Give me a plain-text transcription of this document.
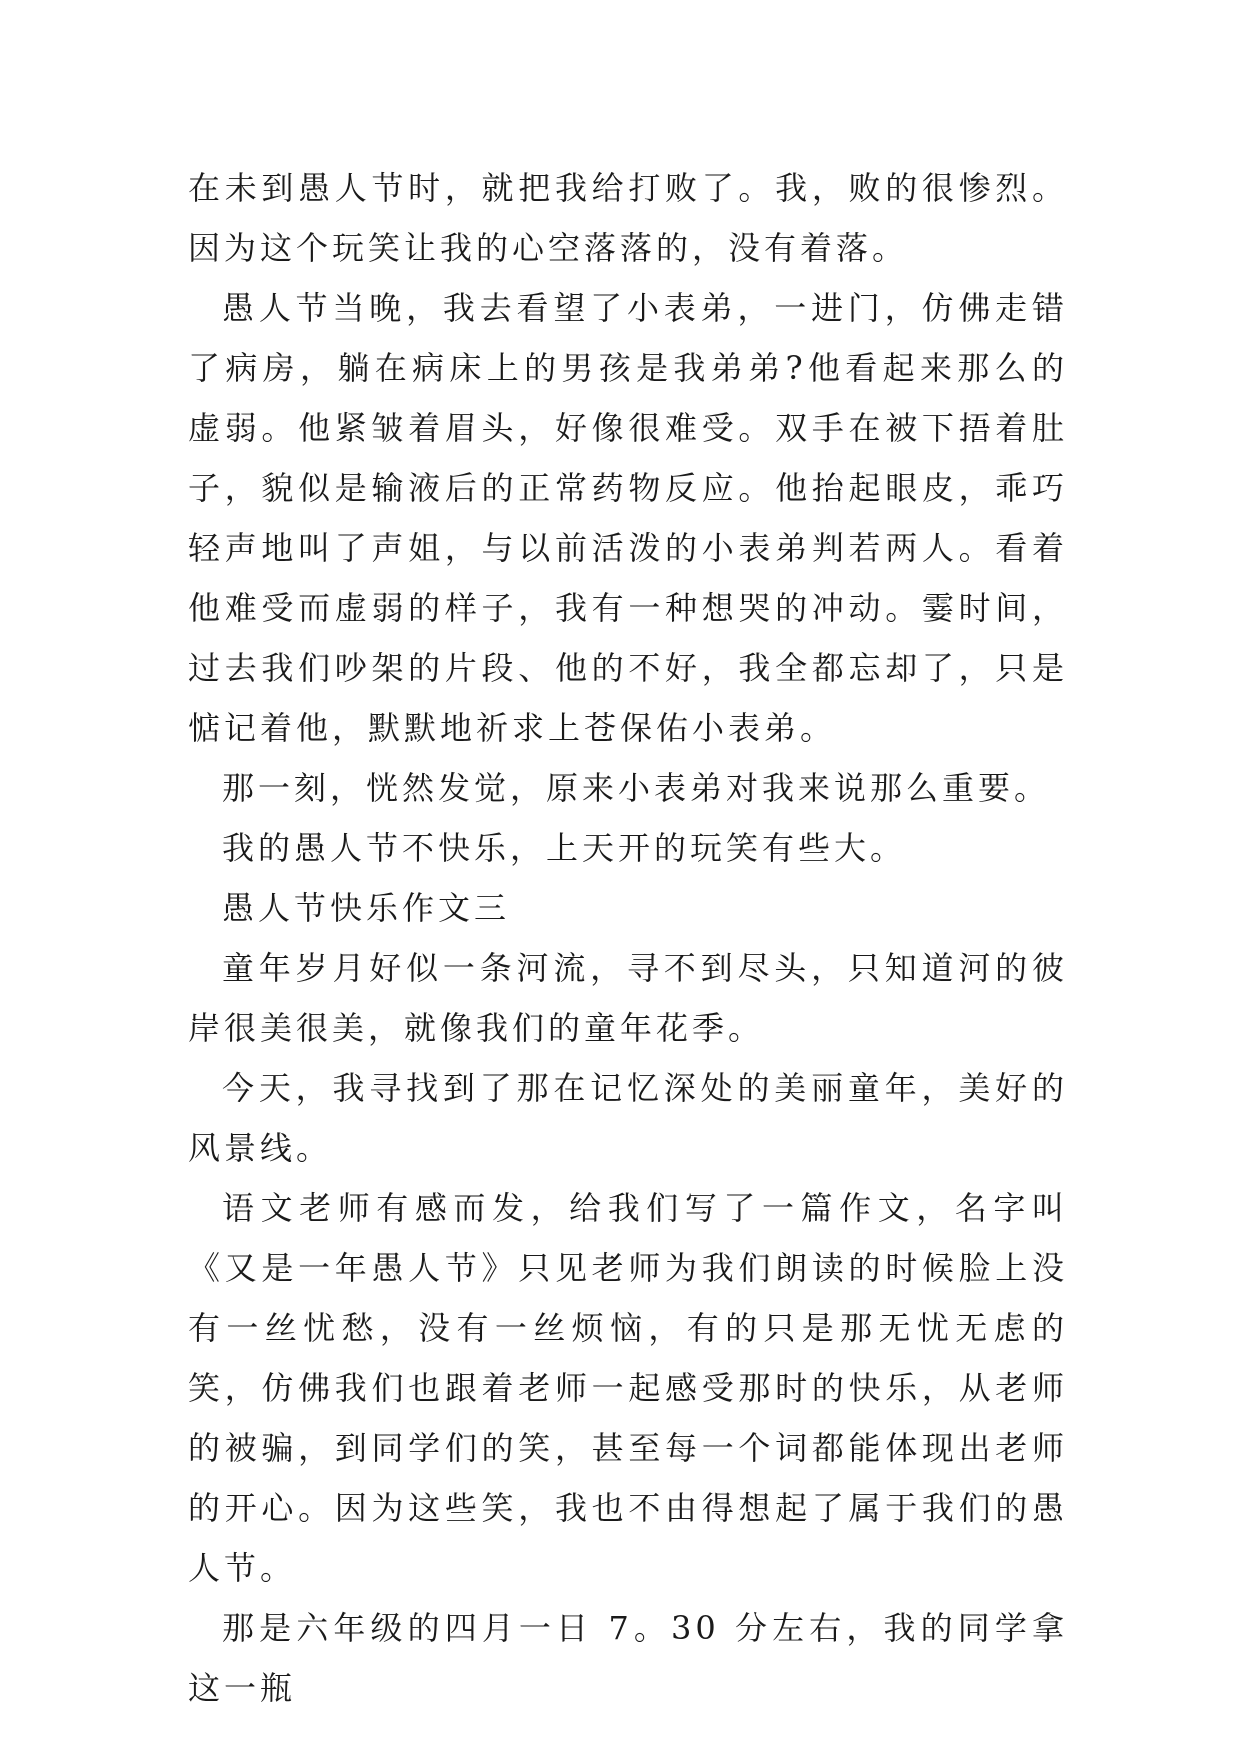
在未到愚人节时，就把我给打败了。我，败的很惨烈。因为这个玩笑让我的心空落落的，没有着落。

愚人节当晚，我去看望了小表弟，一进门，仿佛走错了病房，躺在病床上的男孩是我弟弟?他看起来那么的虚弱。他紧皱着眉头，好像很难受。双手在被下捂着肚子，貌似是输液后的正常药物反应。他抬起眼皮，乖巧轻声地叫了声姐，与以前活泼的小表弟判若两人。看着他难受而虚弱的样子，我有一种想哭的冲动。霎时间，过去我们吵架的片段、他的不好，我全都忘却了，只是惦记着他，默默地祈求上苍保佑小表弟。

那一刻，恍然发觉，原来小表弟对我来说那么重要。

我的愚人节不快乐，上天开的玩笑有些大。

愚人节快乐作文三

童年岁月好似一条河流，寻不到尽头，只知道河的彼岸很美很美，就像我们的童年花季。

今天，我寻找到了那在记忆深处的美丽童年，美好的风景线。

语文老师有感而发，给我们写了一篇作文，名字叫《又是一年愚人节》只见老师为我们朗读的时候脸上没有一丝忧愁，没有一丝烦恼，有的只是那无忧无虑的笑，仿佛我们也跟着老师一起感受那时的快乐，从老师的被骗，到同学们的笑，甚至每一个词都能体现出老师的开心。因为这些笑，我也不由得想起了属于我们的愚人节。

那是六年级的四月一日 7。30 分左右，我的同学拿这一瓶
